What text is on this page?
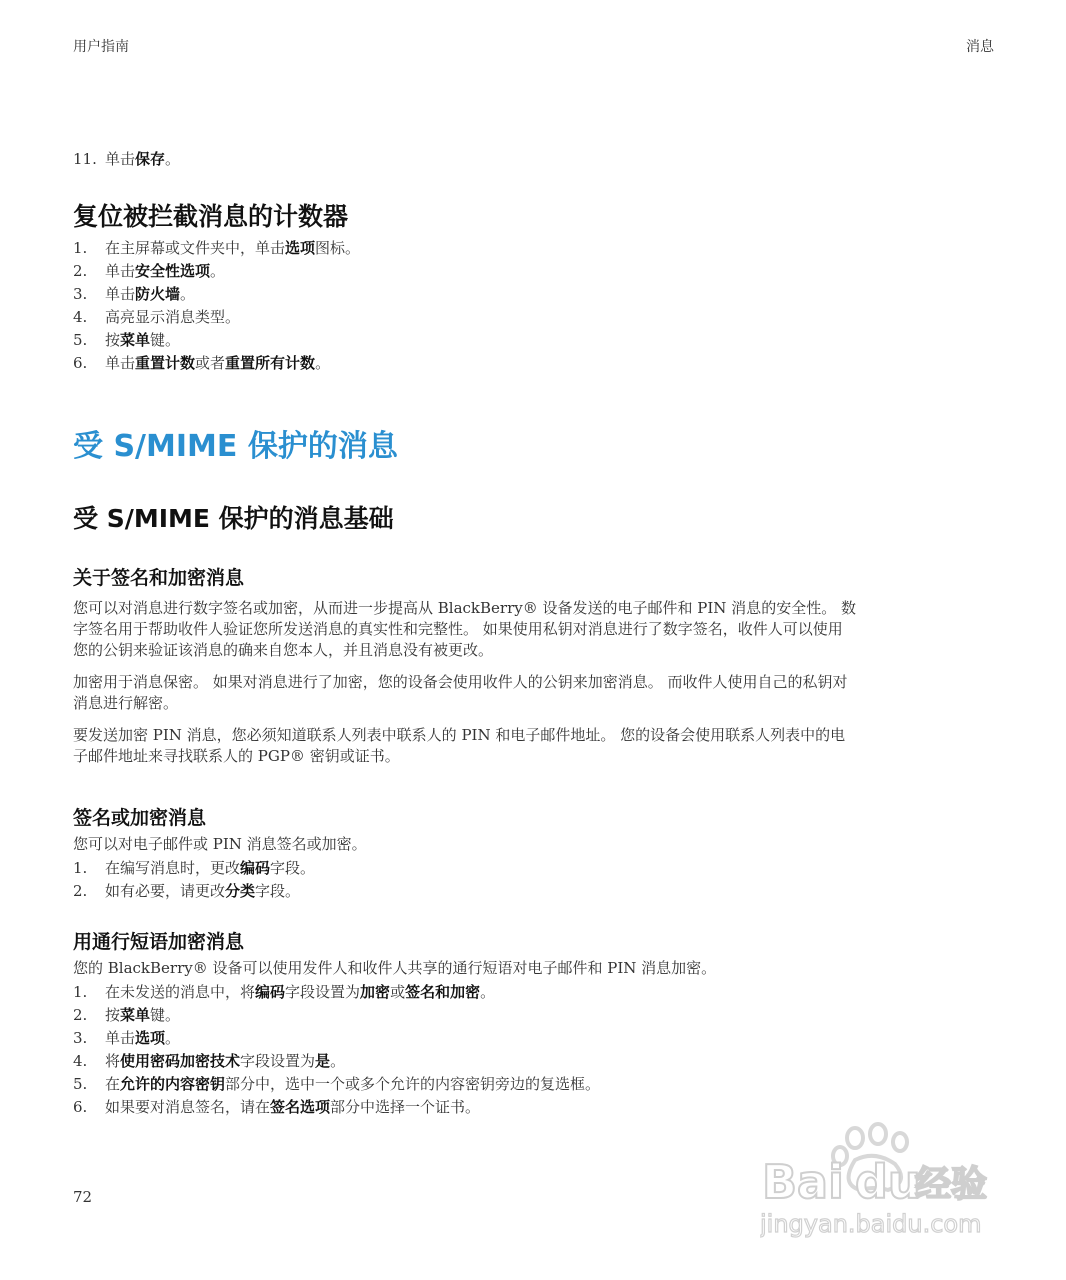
用户指南	消息
11. 单击保存。
复位被拦截消息的计数器
1. 在主屏幕或文件夹中，单击选项图标。
2. 单击安全性选项。
3. 单击防火墙。
4. 高亮显示消息类型。
5. 按菜单键。
6. 单击重置计数或者重置所有计数。
受 S/MIME 保护的消息
受 S/MIME 保护的消息基础
关于签名和加密消息

您可以对消息进行数字签名或加密，从而进一步提高从 BlackBerry® 设备发送的电子邮件和 PIN 消息的安全性。 数

字签名用于帮助收件人验证您所发送消息的真实性和完整性。 如果使用私钥对消息进行了数字签名，收件人可以使用

您的公钥来验证该消息的确来自您本人，并且消息没有被更改。

加密用于消息保密。 如果对消息进行了加密，您的设备会使用收件人的公钥来加密消息。 而收件人使用自己的私钥对

消息进行解密。

要发送加密 PIN 消息，您必须知道联系人列表中联系人的 PIN 和电子邮件地址。 您的设备会使用联系人列表中的电

子邮件地址来寻找联系人的 PGP® 密钥或证书。

签名或加密消息

您可以对电子邮件或 PIN 消息签名或加密。

1. 在编写消息时，更改编码字段。
2. 如有必要，请更改分类字段。
用通行短语加密消息

您的 BlackBerry® 设备可以使用发件人和收件人共享的通行短语对电子邮件和 PIN 消息加密。

1. 在未发送的消息中，将编码字段设置为加密或签名和加密。
2. 按菜单键。
3. 单击选项。
4. 将使用密码加密技术字段设置为是。
5. 在允许的内容密钥部分中，选中一个或多个允许的内容密钥旁边的复选框。
6. 如果要对消息签名，请在签名选项部分中选择一个证书。
72	Bai du
经验
jingyan.baidu.com
